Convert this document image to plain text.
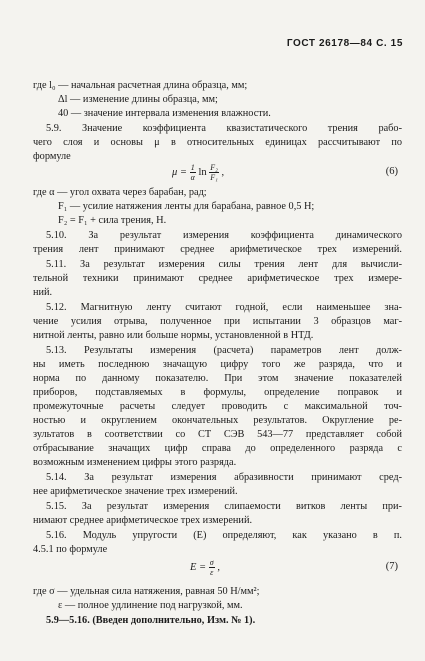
ГОСТ 26178—84 С. 15
где l₀ — начальная расчетная длина образца, мм;
Δl — изменение длины образца, мм;
40 — значение интервала изменения влажности.
5.9. Значение коэффициента квазистатического трения рабо-
чего слоя и основы μ в относительных единицах рассчитывают по
формуле
$\mu = \frac{1}{\alpha}$ $\ln \frac{\text{F₂}}{\text{F₁}}$ ,	(6)
где α — угол охвата через барабан, рад;
F₁ — усилие натяжения ленты для барабана, равное 0,5 Н;
F₂ = F₁ + сила трения, Н.
5.10. За результат измерения коэффициента динамического
трения лент принимают среднее арифметическое трех измерений.
5.11. За результат измерения силы трения лент для вычисли-
тельной техники принимают среднее арифметическое трех измере-
ний.
5.12. Магнитную ленту считают годной, если наименьшее зна-
чение усилия отрыва, полученное при испытании 3 образцов маг-
нитной ленты, равно или больше нормы, установленной в НТД.
5.13. Результаты измерения (расчета) параметров лент долж-
ны иметь последнюю значащую цифру того же разряда, что и
норма по данному показателю. При этом значение показателей
приборов, подставляемых в формулы, определение поправок и
промежуточные расчеты следует проводить с максимальной точ-
ностью и округлением окончательных результатов. Округление ре-
зультатов в соответствии со СТ СЭВ 543—77 представляет собой
отбрасывание значащих цифр справа до определенного разряда с
возможным изменением цифры этого разряда.
5.14. За результат измерения абразивности принимают сред-
нее арифметическое значение трех измерений.
5.15. За результат измерения слипаемости витков ленты при-
нимают среднее арифметическое трех измерений.
5.16. Модуль упругости (E) определяют, как указано в п.
4.5.1 по формуле
$E = \frac{\sigma}{\varepsilon}$ ,	(7)
где σ — удельная сила натяжения, равная 50 Н/мм²;
ε — полное удлинение под нагрузкой, мм.
5.9—5.16. (Введен дополнительно, Изм. № 1).
